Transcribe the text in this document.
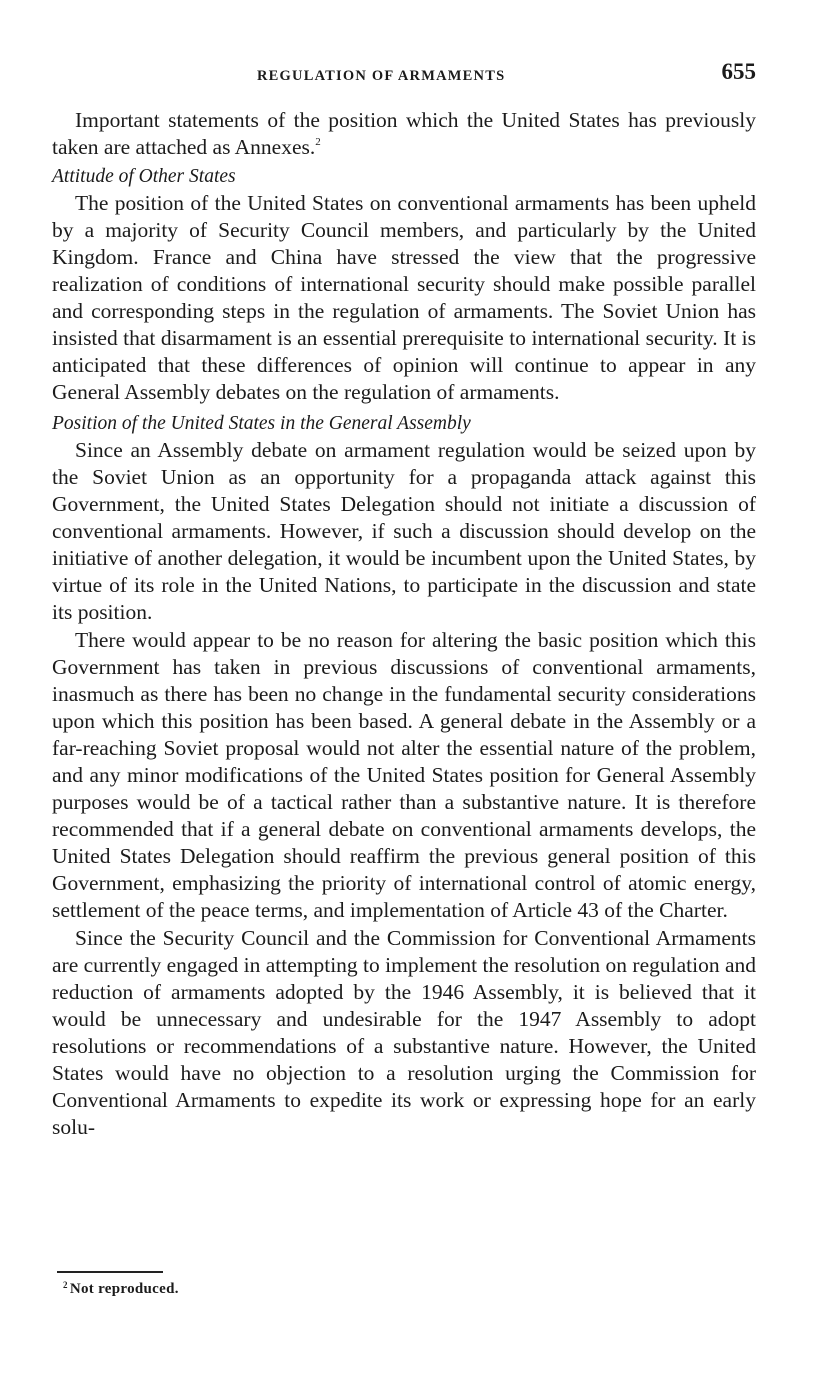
REGULATION OF ARMAMENTS	655

Important statements of the position which the United States has previously taken are attached as Annexes.$^2$

Attitude of Other States

The position of the United States on conventional armaments has been upheld by a majority of Security Council members, and particularly by the United Kingdom. France and China have stressed the view that the progressive realization of conditions of international security should make possible parallel and corresponding steps in the regulation of armaments. The Soviet Union has insisted that disarmament is an essential prerequisite to international security. It is anticipated that these differences of opinion will continue to appear in any General Assembly debates on the regulation of armaments.

Position of the United States in the General Assembly

Since an Assembly debate on armament regulation would be seized upon by the Soviet Union as an opportunity for a propaganda attack against this Government, the United States Delegation should not initiate a discussion of conventional armaments. However, if such a discussion should develop on the initiative of another delegation, it would be incumbent upon the United States, by virtue of its role in the United Nations, to participate in the discussion and state its position.

There would appear to be no reason for altering the basic position which this Government has taken in previous discussions of conventional armaments, inasmuch as there has been no change in the fundamental security considerations upon which this position has been based. A general debate in the Assembly or a far-reaching Soviet proposal would not alter the essential nature of the problem, and any minor modifications of the United States position for General Assembly purposes would be of a tactical rather than a substantive nature. It is therefore recommended that if a general debate on conventional armaments develops, the United States Delegation should reaffirm the previous general position of this Government, emphasizing the priority of international control of atomic energy, settlement of the peace terms, and implementation of Article 43 of the Charter.

Since the Security Council and the Commission for Conventional Armaments are currently engaged in attempting to implement the resolution on regulation and reduction of armaments adopted by the 1946 Assembly, it is believed that it would be unnecessary and undesirable for the 1947 Assembly to adopt resolutions or recommendations of a substantive nature. However, the United States would have no objection to a resolution urging the Commission for Conventional Armaments to expedite its work or expressing hope for an early solu-

$^2$ Not reproduced.
